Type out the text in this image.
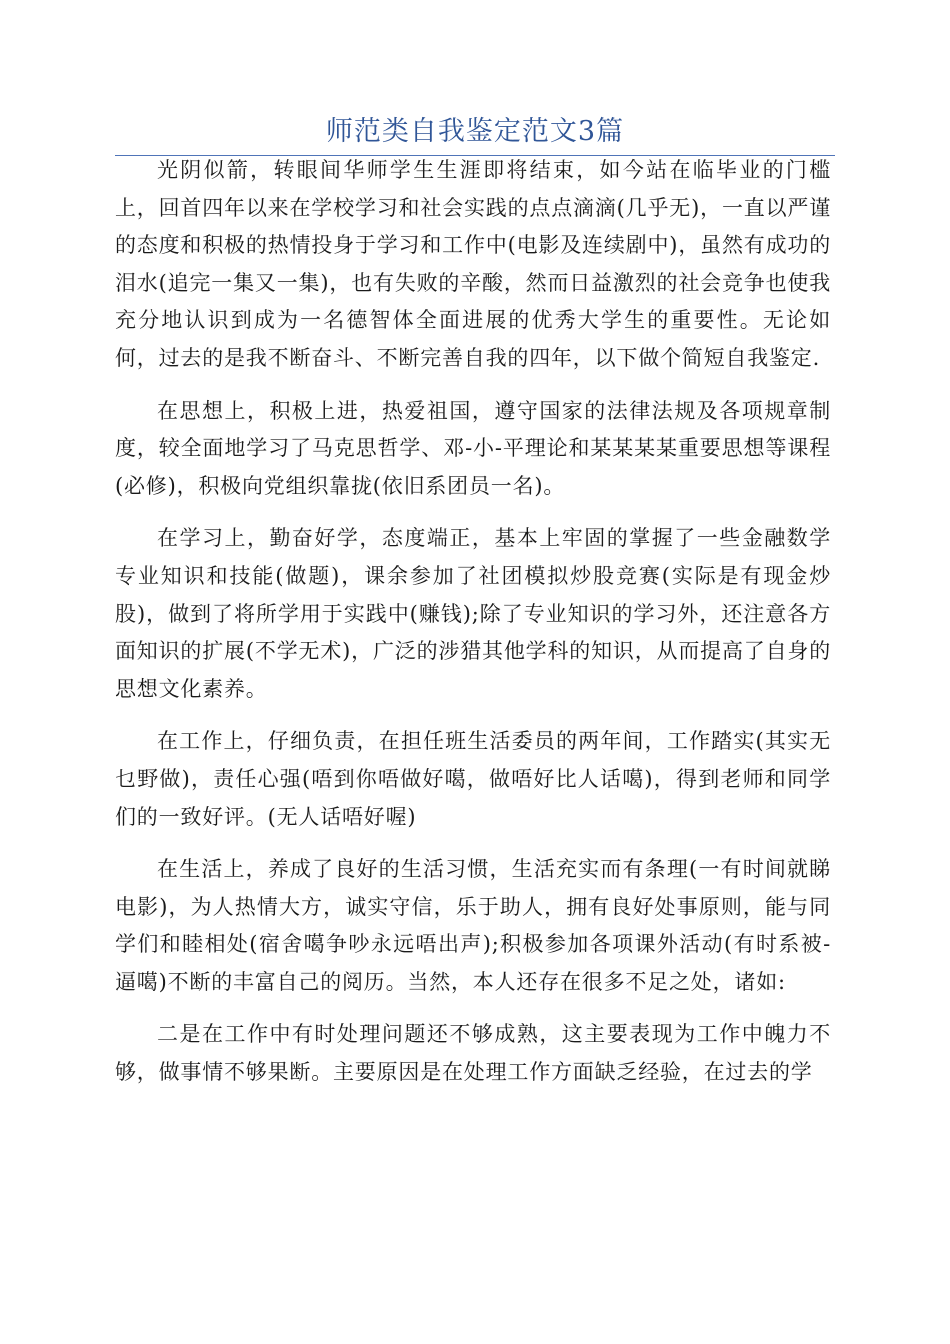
师范类自我鉴定范文3篇

光阴似箭，转眼间华师学生生涯即将结束，如今站在临毕业的门槛上，回首四年以来在学校学习和社会实践的点点滴滴(几乎无)，一直以严谨的态度和积极的热情投身于学习和工作中(电影及连续剧中)，虽然有成功的泪水(追完一集又一集)，也有失败的辛酸，然而日益激烈的社会竞争也使我充分地认识到成为一名德智体全面进展的优秀大学生的重要性。无论如何，过去的是我不断奋斗、不断完善自我的四年，以下做个简短自我鉴定.

在思想上，积极上进，热爱祖国，遵守国家的法律法规及各项规章制度，较全面地学习了马克思哲学、邓-小-平理论和某某某某重要思想等课程(必修)，积极向党组织靠拢(依旧系团员一名)。

在学习上，勤奋好学，态度端正，基本上牢固的掌握了一些金融数学专业知识和技能(做题)，课余参加了社团模拟炒股竞赛(实际是有现金炒股)，做到了将所学用于实践中(赚钱);除了专业知识的学习外，还注意各方面知识的扩展(不学无术)，广泛的涉猎其他学科的知识，从而提高了自身的思想文化素养。

在工作上，仔细负责，在担任班生活委员的两年间，工作踏实(其实无乜野做)，责任心强(唔到你唔做好噶，做唔好比人话噶)，得到老师和同学们的一致好评。(无人话唔好喔)

在生活上，养成了良好的生活习惯，生活充实而有条理(一有时间就睇电影)，为人热情大方，诚实守信，乐于助人，拥有良好处事原则，能与同学们和睦相处(宿舍噶争吵永远唔出声);积极参加各项课外活动(有时系被-逼噶)不断的丰富自己的阅历。当然，本人还存在很多不足之处，诸如:

二是在工作中有时处理问题还不够成熟，这主要表现为工作中魄力不够，做事情不够果断。主要原因是在处理工作方面缺乏经验，在过去的学
